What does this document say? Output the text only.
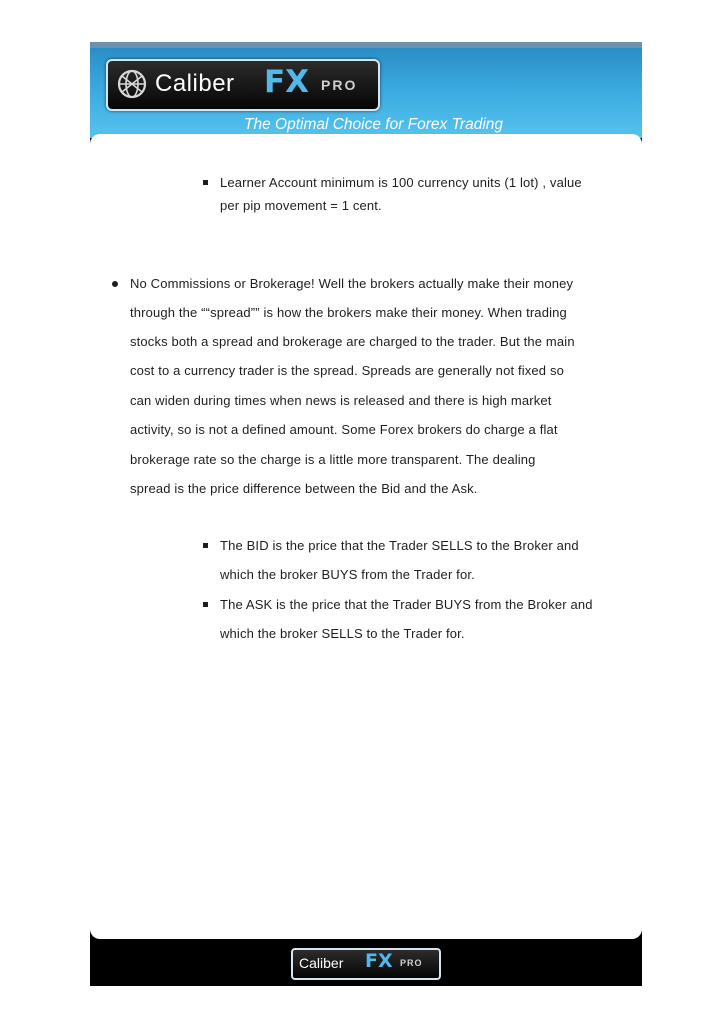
Caliber FX PRO
The Optimal Choice for Forex Trading
Learner Account minimum is 100 currency units (1 lot) , value
per pip movement = 1 cent.
No Commissions or Brokerage! Well the brokers actually make their money
through the ““spread”” is how the brokers make their money. When trading
stocks both a spread and brokerage are charged to the trader. But the main
cost to a currency trader is the spread. Spreads are generally not fixed so
can widen during times when news is released and there is high market
activity, so is not a defined amount. Some Forex brokers do charge a flat
brokerage rate so the charge is a little more transparent. The dealing
spread is the price difference between the Bid and the Ask.
The BID is the price that the Trader SELLS to the Broker and
which the broker BUYS from the Trader for.
The ASK is the price that the Trader BUYS from the Broker and
which the broker SELLS to the Trader for.
Caliber FX PRO
